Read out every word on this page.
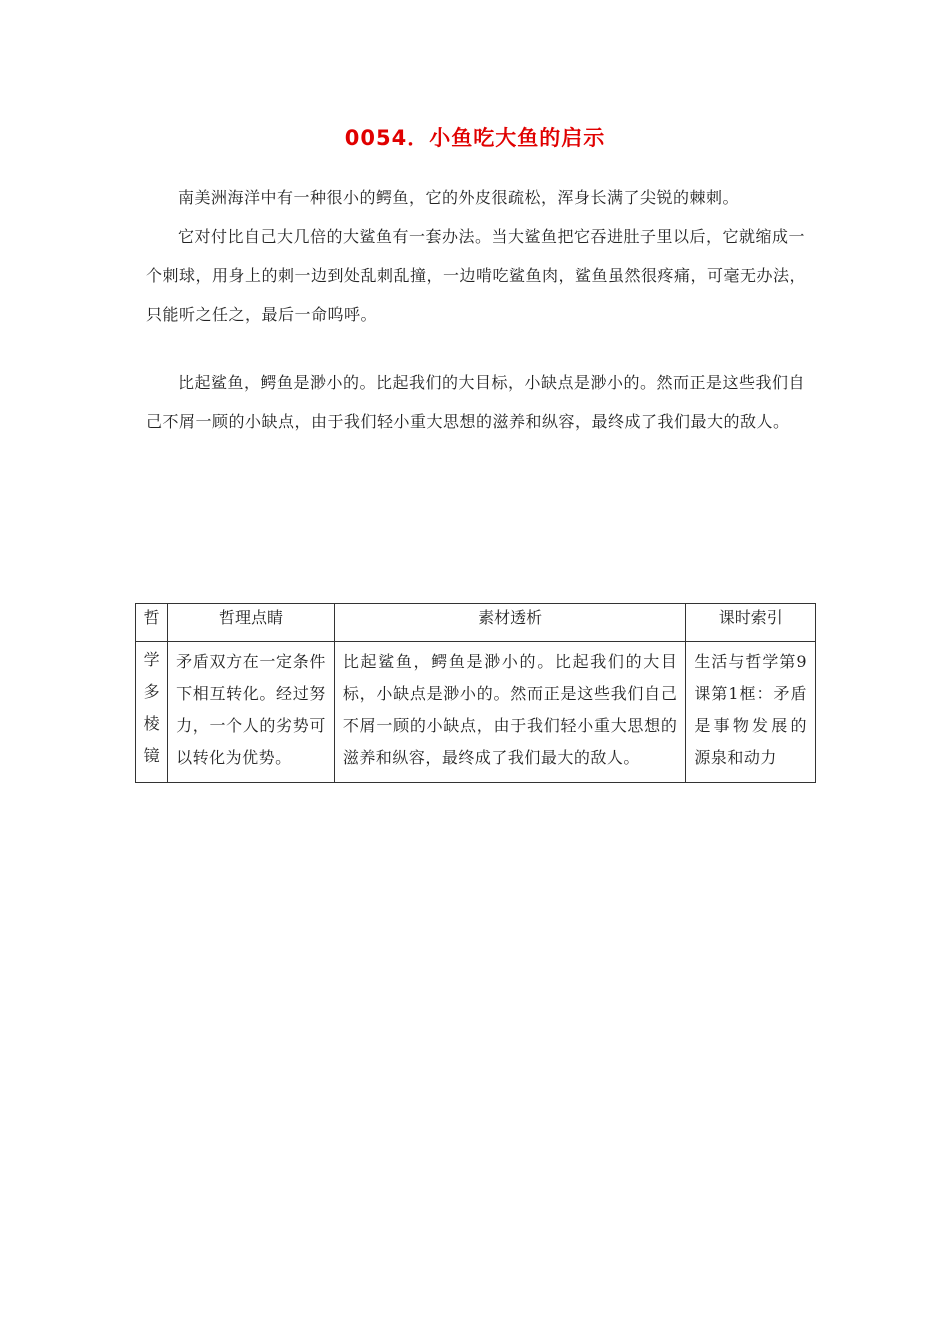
0054．小鱼吃大鱼的启示

南美洲海洋中有一种很小的鳄鱼，它的外皮很疏松，浑身长满了尖锐的棘刺。

它对付比自己大几倍的大鲨鱼有一套办法。当大鲨鱼把它吞进肚子里以后，它就缩成一个刺球，用身上的刺一边到处乱刺乱撞，一边啃吃鲨鱼肉，鲨鱼虽然很疼痛，可毫无办法，只能听之任之，最后一命呜呼。

比起鲨鱼，鳄鱼是渺小的。比起我们的大目标，小缺点是渺小的。然而正是这些我们自己不屑一顾的小缺点，由于我们轻小重大思想的滋养和纵容，最终成了我们最大的敌人。

哲	哲理点睛	素材透析	课时索引

学
多
棱
镜	矛盾双方在一定条件下相互转化。经过努力，一个人的劣势可以转化为优势。	比起鲨鱼，鳄鱼是渺小的。比起我们的大目标，小缺点是渺小的。然而正是这些我们自己不屑一顾的小缺点，由于我们轻小重大思想的滋养和纵容，最终成了我们最大的敌人。	生活与哲学第9课第1框：矛盾是事物发展的源泉和动力
